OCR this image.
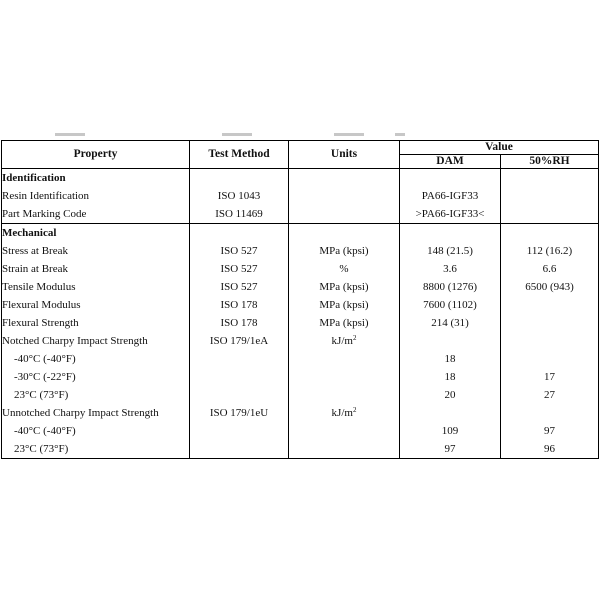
Property	Test Method	Units	Value	
			DAM	50%RH
Identification				
Resin Identification	ISO 1043		PA66-IGF33	
Part Marking Code	ISO 11469		>PA66-IGF33<	
Mechanical				
Stress at Break	ISO 527	MPa (kpsi)	148 (21.5)	112 (16.2)
Strain at Break	ISO 527	%	3.6	6.6
Tensile Modulus	ISO 527	MPa (kpsi)	8800 (1276)	6500 (943)
Flexural Modulus	ISO 178	MPa (kpsi)	7600 (1102)	
Flexural Strength	ISO 178	MPa (kpsi)	214 (31)	
Notched Charpy Impact Strength	ISO 179/1eA	$kJ/m^2$		
-40°C (-40°F)			18	
-30°C (-22°F)			18	17
23°C (73°F)			20	27
Unnotched Charpy Impact Strength	ISO 179/1eU	$kJ/m^2$		
-40°C (-40°F)			109	97
23°C (73°F)			97	96
